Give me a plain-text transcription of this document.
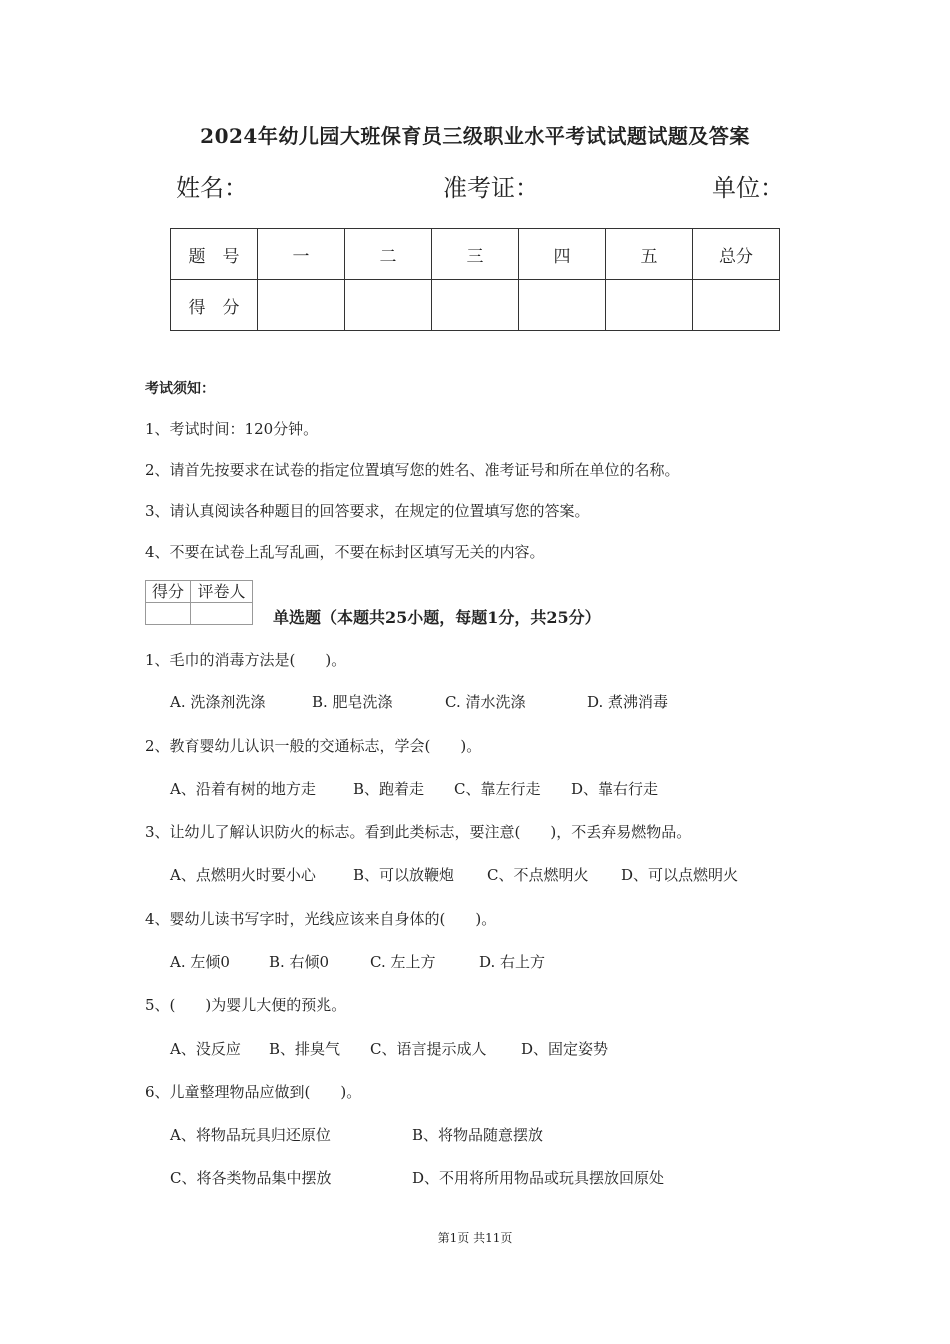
2024年幼儿园大班保育员三级职业水平考试试题试题及答案
姓名：	准考证：	单位：
题　号	一	二	三	四	五	总分
得　分						
考试须知：
1、考试时间：120分钟。
2、请首先按要求在试卷的指定位置填写您的姓名、准考证号和所在单位的名称。
3、请认真阅读各种题目的回答要求，在规定的位置填写您的答案。
4、不要在试卷上乱写乱画，不要在标封区填写无关的内容。
得分	评卷人

单选题（本题共25小题，每题1分，共25分）
1、毛巾的消毒方法是(　　)。
A. 洗涤剂洗涤	B. 肥皂洗涤	C. 清水洗涤	D. 煮沸消毒
2、教育婴幼儿认识一般的交通标志，学会(　　)。
A、沿着有树的地方走 B、跑着走 C、靠左行走 D、靠右行走
3、让幼儿了解认识防火的标志。看到此类标志，要注意(　　)，不丢弃易燃物品。
A、点燃明火时要小心 B、可以放鞭炮 C、不点燃明火 D、可以点燃明火
4、婴幼儿读书写字时，光线应该来自身体的(　　)。
A. 左倾0	B. 右倾0	C. 左上方	D. 右上方
5、(　　)为婴儿大便的预兆。
A、没反应 B、排臭气 C、语言提示成人 D、固定姿势
6、儿童整理物品应做到(　　)。
A、将物品玩具归还原位	B、将物品随意摆放
C、将各类物品集中摆放	D、不用将所用物品或玩具摆放回原处
第1页 共11页
